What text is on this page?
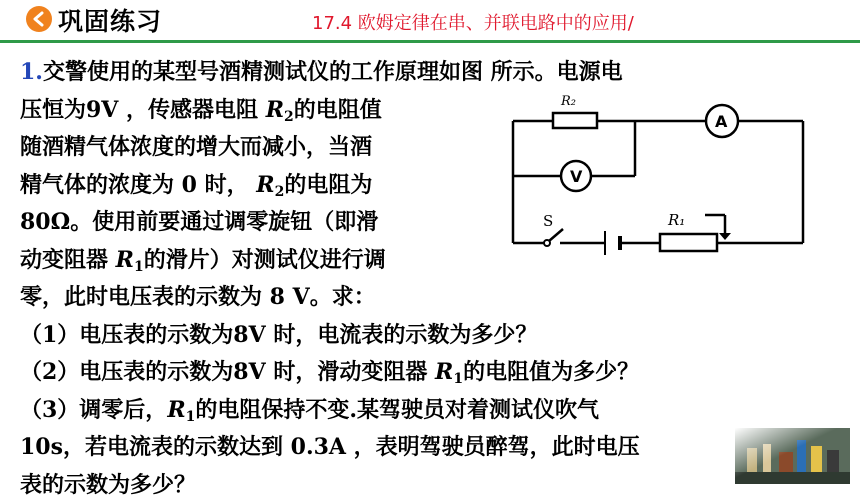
巩固练习	17.4 欧姆定律在串、并联电路中的应用/
1.交警使用的某型号酒精测试仪的工作原理如图 所示。电源电
压恒为9V ，传感器电阻 $R_2$的电阻值
随酒精气体浓度的增大而减小，当酒
精气体的浓度为 0 时， $R_2$的电阻为
80Ω。使用前要通过调零旋钮（即滑
动变阻器 $R_1$的滑片）对测试仪进行调
零，此时电压表的示数为 8 V。求：
（1）电压表的示数为8V 时，电流表的示数为多少？
（2）电压表的示数为8V 时，滑动变阻器 $R_1$的电阻值为多少？
（3）调零后，$R_1$的电阻保持不变.某驾驶员对着测试仪吹气
10s，若电流表的示数达到 0.3A ，表明驾驶员醉驾，此时电压
表的示数为多少？
R₂
A
V
S	R₁
